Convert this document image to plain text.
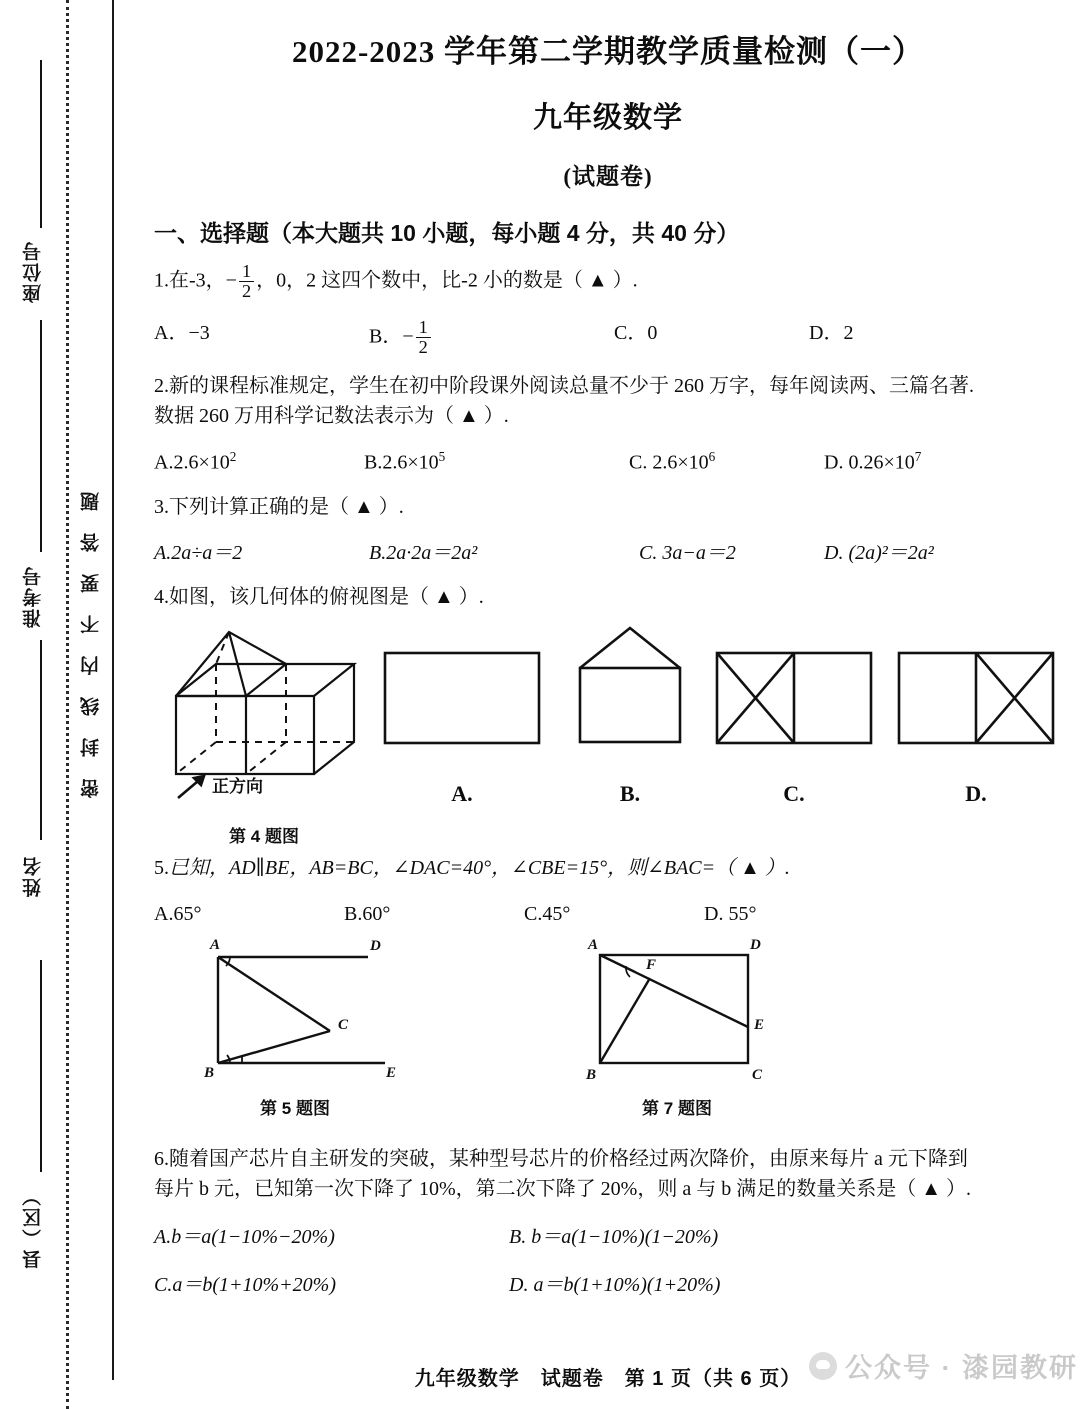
座位号
准考号
姓名
县（区）
密封线内不要答题
2022-2023 学年第二学期教学质量检测（一）
九年级数学
(试题卷)
一、选择题（本大题共 10 小题，每小题 4 分，共 40 分）
1.在-3，− $\frac{1}{2}$ ，0，2 这四个数中，比-2 小的数是（ ▲ ）.
A．−3	B．− $\frac{1}{2}$	C．0	D．2
2.新的课程标准规定，学生在初中阶段课外阅读总量不少于 260 万字，每年阅读两、三篇名著.
数据 260 万用科学记数法表示为（ ▲ ）.
$A.2.6\times 10^2$	$B.2.6\times 10^5$	C. $2.6\times 10^6$	D. $0.26\times 10^7$
3.下列计算正确的是（ ▲ ）.
A.2a÷a＝2	B.2a·2a＝2a²	C. 3a−a＝2	D. (2a)²＝2a²
4.如图，该几何体的俯视图是（ ▲ ）.
正方向
第 4 题图
A.	B.	C.	D.
5.已知，AD∥BE，AB=BC，∠DAC=40°，∠CBE=15°，则∠BAC=（ ▲ ）.
A.65°	B.60°	C.45°	D. 55°
A	D
B
C
E
第 5 题图
A	D
F
E
B	C
第 7 题图
6.随着国产芯片自主研发的突破，某种型号芯片的价格经过两次降价，由原来每片 a 元下降到
每片 b 元，已知第一次下降了 10%，第二次下降了 20%，则 a 与 b 满足的数量关系是（ ▲ ）.
A.b＝a(1−10%−20%)	B. b＝a(1−10%)(1−20%)
C.a＝b(1+10%+20%)	D. a＝b(1+10%)(1+20%)
九年级数学　试题卷　第 1 页（共 6 页）	公众号 · 漆园教研
